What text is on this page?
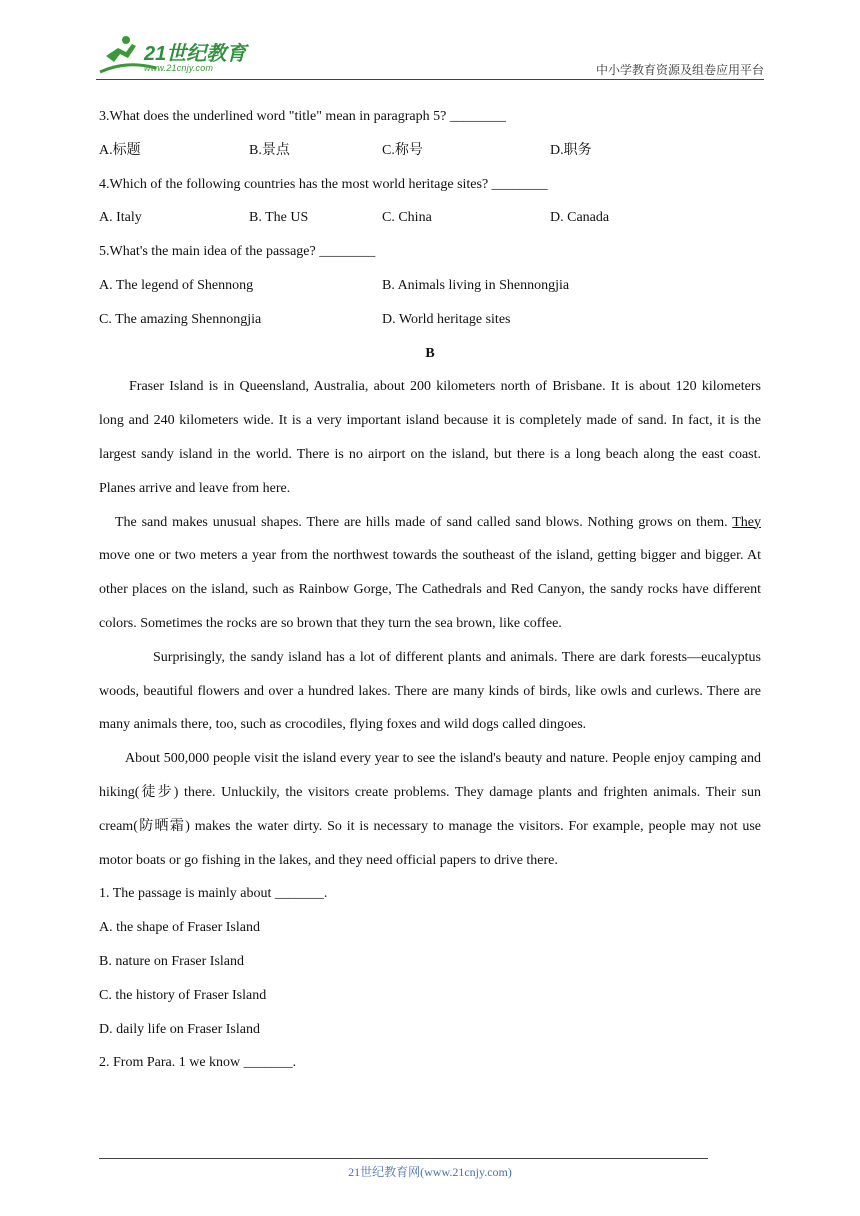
21世纪教育
www.21cnjy.com	中小学教育资源及组卷应用平台

3.What does the underlined word "title" mean in paragraph 5? ________

A.标题	B.景点	C.称号	D.职务

4.Which of the following countries has the most world heritage sites? ________

A. Italy	B. The US	C. China	D. Canada

5.What's the main idea of the passage? ________

A. The legend of Shennong	B. Animals living in Shennongjia
C. The amazing Shennongjia	D. World heritage sites

B

Fraser Island is in Queensland, Australia, about 200 kilometers north of Brisbane. It is about 120 kilometers long and 240 kilometers wide. It is a very important island because it is completely made of sand. In fact, it is the largest sandy island in the world. There is no airport on the island, but there is a long beach along the east coast. Planes arrive and leave from here.

The sand makes unusual shapes. There are hills made of sand called sand blows. Nothing grows on them. They move one or two meters a year from the northwest towards the southeast of the island, getting bigger and bigger. At other places on the island, such as Rainbow Gorge, The Cathedrals and Red Canyon, the sandy rocks have different colors. Sometimes the rocks are so brown that they turn the sea brown, like coffee.

Surprisingly, the sandy island has a lot of different plants and animals. There are dark forests—eucalyptus woods, beautiful flowers and over a hundred lakes. There are many kinds of birds, like owls and curlews. There are many animals there, too, such as crocodiles, flying foxes and wild dogs called dingoes.

About 500,000 people visit the island every year to see the island's beauty and nature. People enjoy camping and hiking(徒步) there. Unluckily, the visitors create problems. They damage plants and frighten animals. Their sun cream(防晒霜) makes the water dirty. So it is necessary to manage the visitors. For example, people may not use motor boats or go fishing in the lakes, and they need official papers to drive there.

1. The passage is mainly about _______.

A. the shape of Fraser Island

B. nature on Fraser Island

C. the history of Fraser Island

D. daily life on Fraser Island

2. From Para. 1 we know _______.

21世纪教育网(www.21cnjy.com)
